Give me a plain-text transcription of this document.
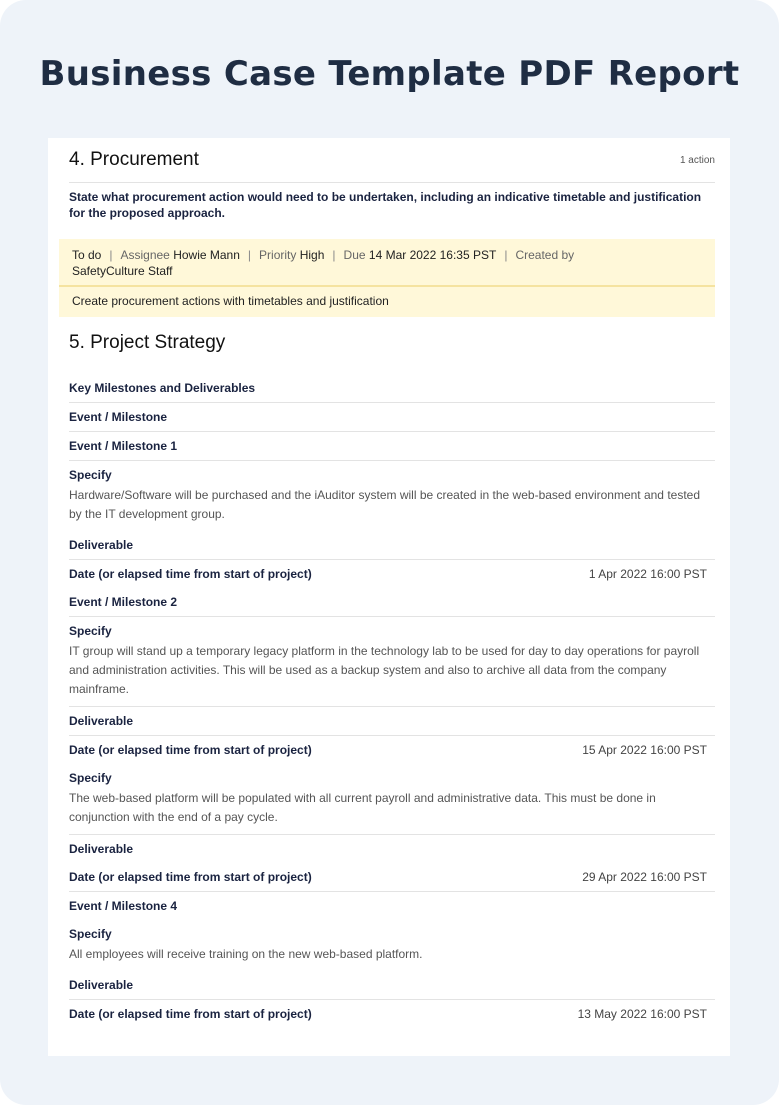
Business Case Template PDF Report
4. Procurement	1 action
State what procurement action would need to be undertaken, including an indicative timetable and justification for the proposed approach.
To do | Assignee Howie Mann | Priority High | Due 14 Mar 2022 16:35 PST | Created by
SafetyCulture Staff
Create procurement actions with timetables and justification
5. Project Strategy
Key Milestones and Deliverables
Event / Milestone
Event / Milestone 1
Specify
Hardware/Software will be purchased and the iAuditor system will be created in the web-based environment and tested by the IT development group.
Deliverable
Date (or elapsed time from start of project)	1 Apr 2022 16:00 PST
Event / Milestone 2
Specify
IT group will stand up a temporary legacy platform in the technology lab to be used for day to day operations for payroll and administration activities. This will be used as a backup system and also to archive all data from the company mainframe.
Deliverable
Date (or elapsed time from start of project)	15 Apr 2022 16:00 PST
Specify
The web-based platform will be populated with all current payroll and administrative data. This must be done in conjunction with the end of a pay cycle.
Deliverable
Date (or elapsed time from start of project)	29 Apr 2022 16:00 PST
Event / Milestone 4
Specify
All employees will receive training on the new web-based platform.
Deliverable
Date (or elapsed time from start of project)	13 May 2022 16:00 PST
